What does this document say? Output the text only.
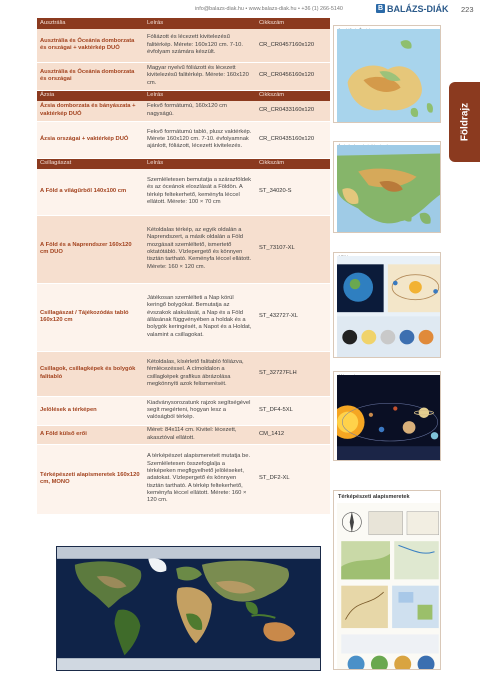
info@balazs-diak.hu • www.balazs-diak.hu • +36 (1) 266-5140	B BALÁZS-DIÁK 223
Földrajz
Ausztrália	Leírás	Cikkszám
Ausztrália és Óceánia domborzata és országai + vaktérkép DUÓ	Fóliázott és lécezett kivitelezésű falitérkép. Mérete: 160x120 cm. 7-10. évfolyam számára készült.	CR_CR0457160x120
Ausztrália és Óceánia domborzata és országai	Magyar nyelvű fóliázott és lécezett kivitelezésű falitérkép. Mérete: 160x120 cm.	CR_CR0456160x120
Ázsia	Leírás	Cikkszám
Ázsia domborzata és bányászata + vaktérkép DUÓ	Fekvő formátumú, 160x120 cm nagyságú.	CR_CR0433160x120
Ázsia országai + vaktérkép DUÓ	Fekvő formátumú tabló, plusz vaktérkép. Mérete 160x120 cm. 7-10. évfolyamnak ajánlott, fóliázott, lécezett kivitelezés.	CR_CR0435160x120
Csillagászat	Leírás	Cikkszám
A Föld a világűrből 140x100 cm	Szemléletesen bemutatja a szárazföldek és az óceánok eloszlását a Földön. A térkép feltekerhető, keményfa léccel ellátott. Mérete: 100 × 70 cm	ST_34020-S
A Föld és a Naprendszer 160x120 cm DUO	Kétoldalas térkép, az egyik oldalán a Naprendszert, a másik oldalán a Föld mozgásait szemléltető, ismertető oktatótábló. Vízlepergető és könnyen tisztán tartható. Keményfa léccel ellátott. Mérete: 160 × 120 cm.	ST_73107-XL
Csillagászat / Tájékozódás tabló 160x120 cm	Játékosan szemlélteti a Nap körül keringő bolygókat. Bemutatja az évszakok alakulását, a Nap és a Föld állásának függvényében a holdak és a bolygók keringését, a Napot és a Holdat, valamint a csillagokat.	ST_432727-XL
Csillagok, csillagképek és bolygók falitabló	Kétoldalas, kísérlető falitabló fóliázva, fémlécezéssel. A címoldalon a csillagképek grafikus ábrázolása megkönnyíti azok felismerését.	ST_32727FLH
Jelölések a térképen	Kiadványsorozatunk rajzok segítségével segít megérteni, hogyan lesz a valóságból térkép.	ST_DF4-5XL
A Föld külső erői	Méret: 84x114 cm. Kivitel: lécezett, akasztóval ellátott.	CM_1412
Térképészeti alapismeretek 160x120 cm, MONO	A térképészet alapismereteit mutatja be. Szemléletesen összefoglalja a térképeken megfigyelhető jelöléseket, adatokat. Vízlepergető és könnyen tisztán tartható. A térkép feltekerhető, keményfa léccel ellátott. Mérete: 160 × 120 cm.	ST_DF2-XL
Térképészeti alapismeretek
